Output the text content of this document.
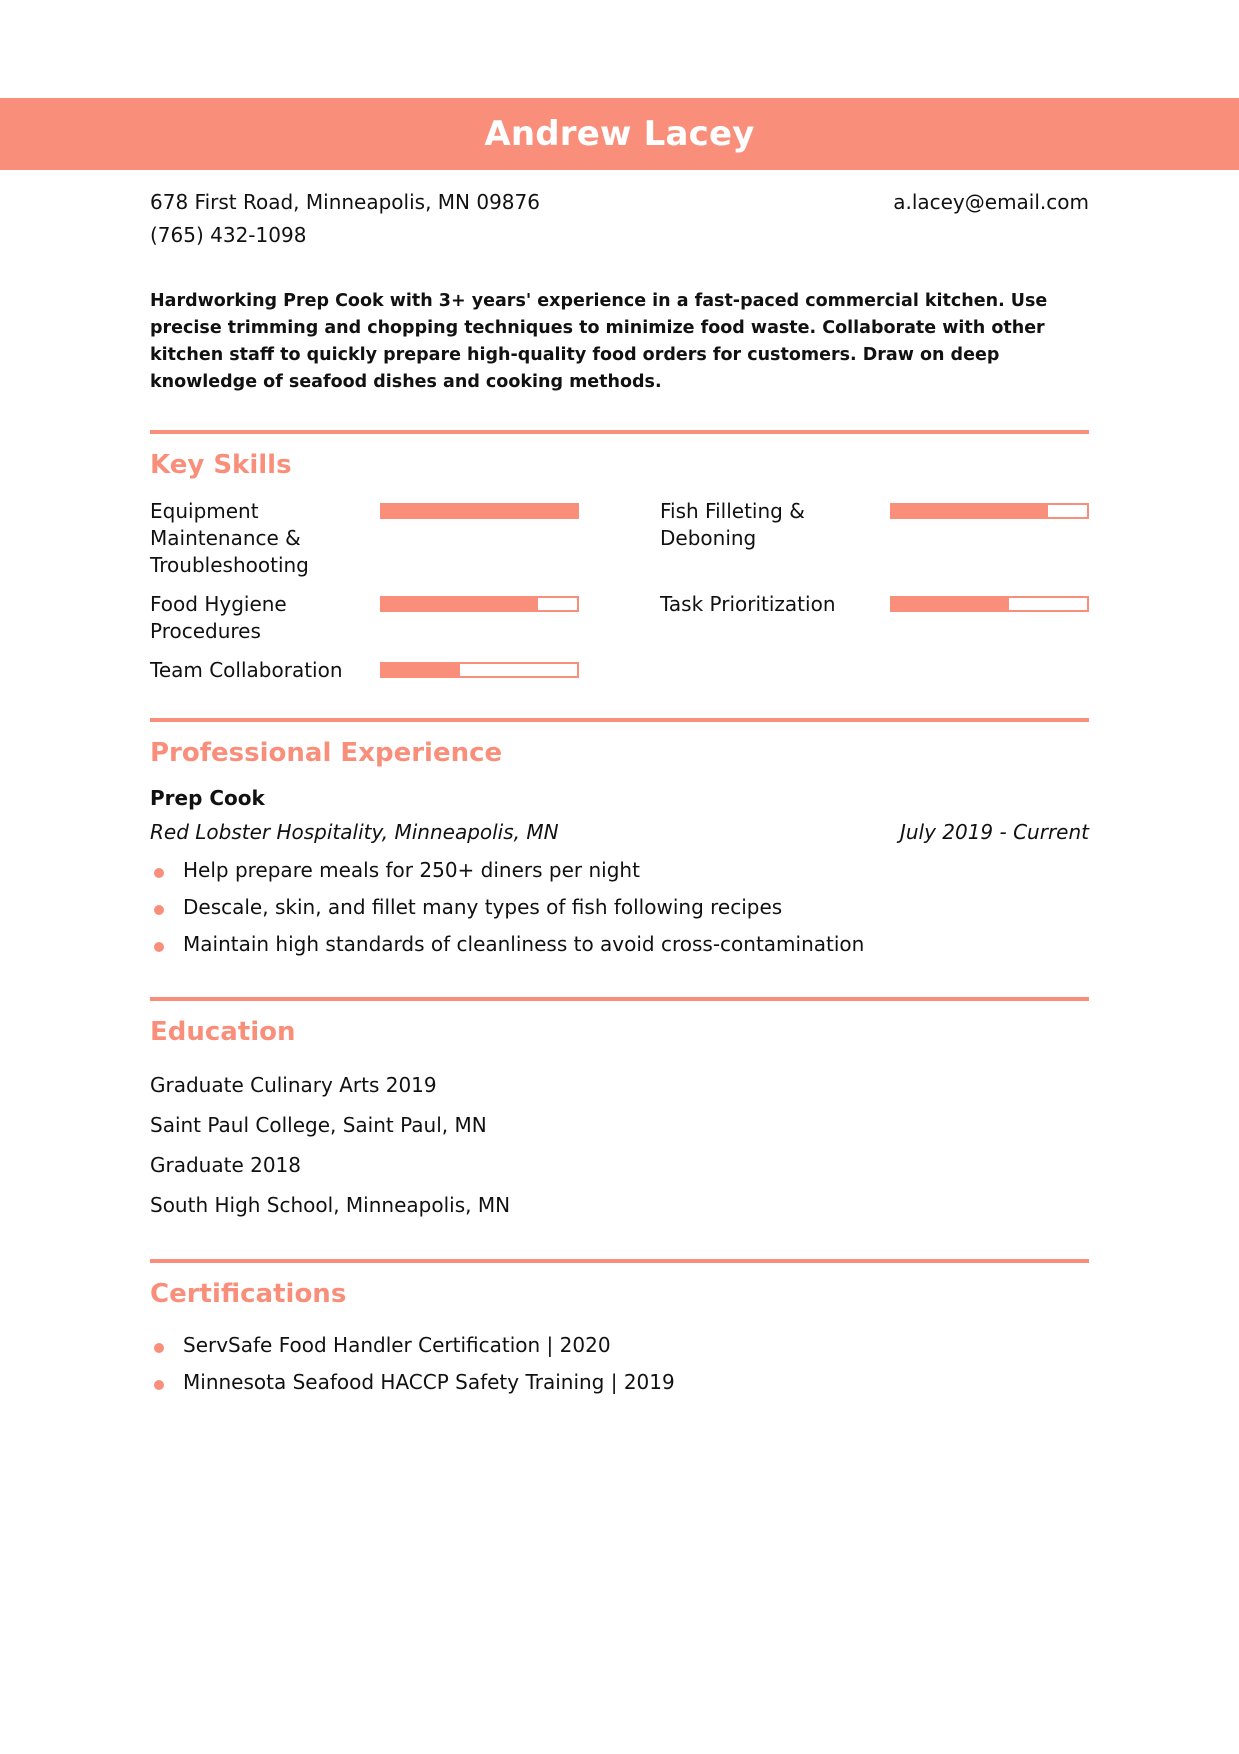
Andrew Lacey
678 First Road, Minneapolis, MN 09876	a.lacey@email.com
(765) 432-1098
Hardworking Prep Cook with 3+ years' experience in a fast-paced commercial kitchen. Use precise trimming and chopping techniques to minimize food waste. Collaborate with other kitchen staff to quickly prepare high-quality food orders for customers. Draw on deep knowledge of seafood dishes and cooking methods.
Key Skills
Equipment Maintenance & Troubleshooting
Fish Filleting & Deboning
Food Hygiene Procedures
Task Prioritization
Team Collaboration
Professional Experience
Prep Cook
Red Lobster Hospitality, Minneapolis, MN	July 2019 - Current
Help prepare meals for 250+ diners per night
Descale, skin, and fillet many types of fish following recipes
Maintain high standards of cleanliness to avoid cross-contamination
Education
Graduate Culinary Arts 2019
Saint Paul College, Saint Paul, MN
Graduate 2018
South High School, Minneapolis, MN
Certifications
ServSafe Food Handler Certification | 2020
Minnesota Seafood HACCP Safety Training | 2019
